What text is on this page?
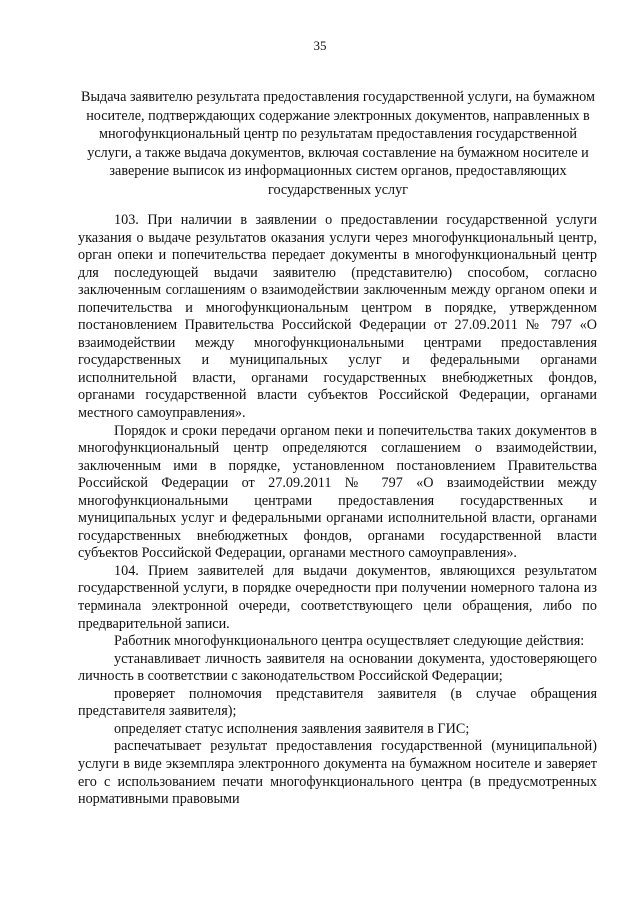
35
Выдача заявителю результата предоставления государственной услуги, на бумажном носителе, подтверждающих содержание электронных документов, направленных в многофункциональный центр по результатам предоставления государственной услуги, а также выдача документов, включая составление на бумажном носителе и заверение выписок из информационных систем органов, предоставляющих государственных услуг

103. При наличии в заявлении о предоставлении государственной услуги указания о выдаче результатов оказания услуги через многофункциональный центр, орган опеки и попечительства передает документы в многофункциональный центр для последующей выдачи заявителю (представителю) способом, согласно заключенным соглашениям о взаимодействии заключенным между органом опеки и попечительства и многофункциональным центром в порядке, утвержденном постановлением Правительства Российской Федерации от 27.09.2011 № 797 «О взаимодействии между многофункциональными центрами предоставления государственных и муниципальных услуг и федеральными органами исполнительной власти, органами государственных внебюджетных фондов, органами государственной власти субъектов Российской Федерации, органами местного самоуправления».

Порядок и сроки передачи органом пеки и попечительства таких документов в многофункциональный центр определяются соглашением о взаимодействии, заключенным ими в порядке, установленном постановлением Правительства Российской Федерации от 27.09.2011 № 797 «О взаимодействии между многофункциональными центрами предоставления государственных и муниципальных услуг и федеральными органами исполнительной власти, органами государственных внебюджетных фондов, органами государственной власти субъектов Российской Федерации, органами местного самоуправления».

104. Прием заявителей для выдачи документов, являющихся результатом государственной услуги, в порядке очередности при получении номерного талона из терминала электронной очереди, соответствующего цели обращения, либо по предварительной записи.

Работник многофункционального центра осуществляет следующие действия:

устанавливает личность заявителя на основании документа, удостоверяющего личность в соответствии с законодательством Российской Федерации;

проверяет полномочия представителя заявителя (в случае обращения представителя заявителя);

определяет статус исполнения заявления заявителя в ГИС;

распечатывает результат предоставления государственной (муниципальной) услуги в виде экземпляра электронного документа на бумажном носителе и заверяет его с использованием печати многофункционального центра (в предусмотренных нормативными правовыми
